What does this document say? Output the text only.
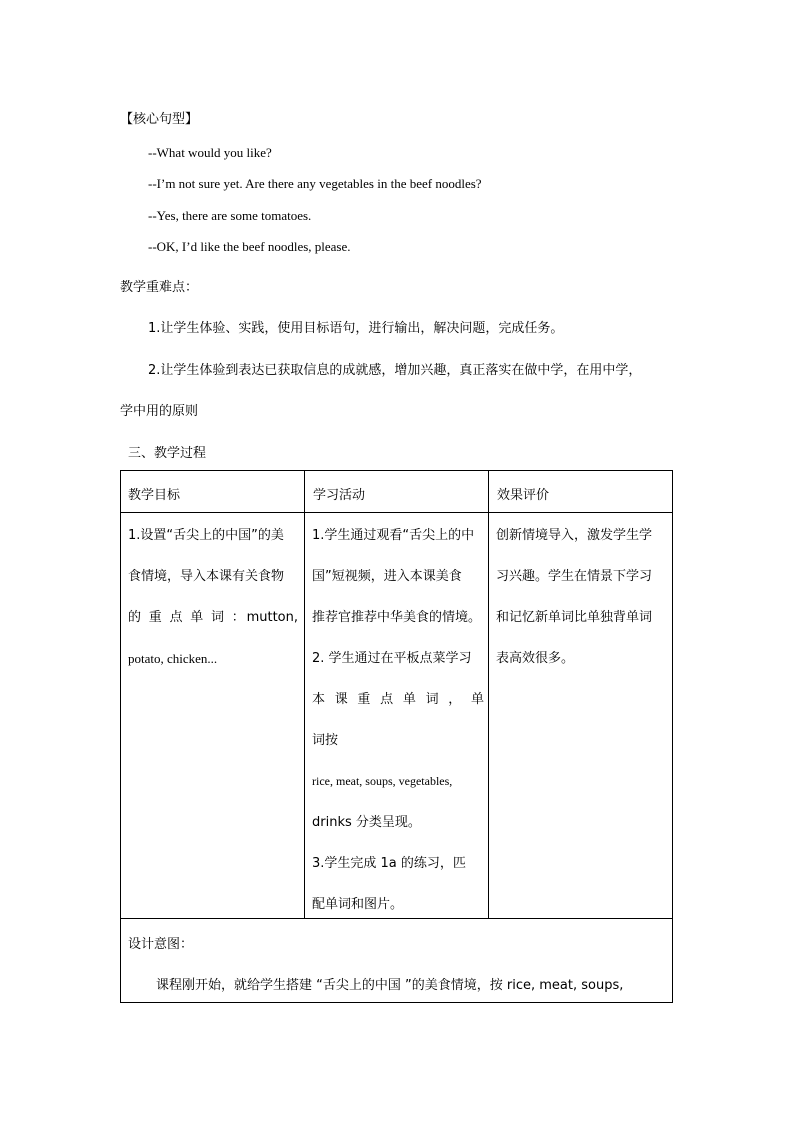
【核心句型】
--What would you like?
--I’m not sure yet. Are there any vegetables in the beef noodles?
--Yes, there are some tomatoes.
--OK, I’d like the beef noodles, please.
教学重难点：
1.让学生体验、实践，使用目标语句，进行输出，解决问题，完成任务。
2.让学生体验到表达已获取信息的成就感，增加兴趣，真正落实在做中学，在用中学，
学中用的原则
三、教学过程
教学目标	学习活动	效果评价
1.设置“舌尖上的中国”的美
食情境，导入本课有关食物
的 重 点 单 词 ：mutton,
potato, chicken...
1.学生通过观看“舌尖上的中
国”短视频，进入本课美食
推荐官推荐中华美食的情境。
2. 学生通过在平板点菜学习
本 课 重 点 单 词 ， 单
词按
rice, meat, soups, vegetables,
drinks 分类呈现。
3.学生完成 1a 的练习，匹
配单词和图片。
创新情境导入，激发学生学
习兴趣。学生在情景下学习
和记忆新单词比单独背单词
表高效很多。
设计意图：
课程刚开始，就给学生搭建 “舌尖上的中国 ”的美食情境，按 rice, meat, soups,
